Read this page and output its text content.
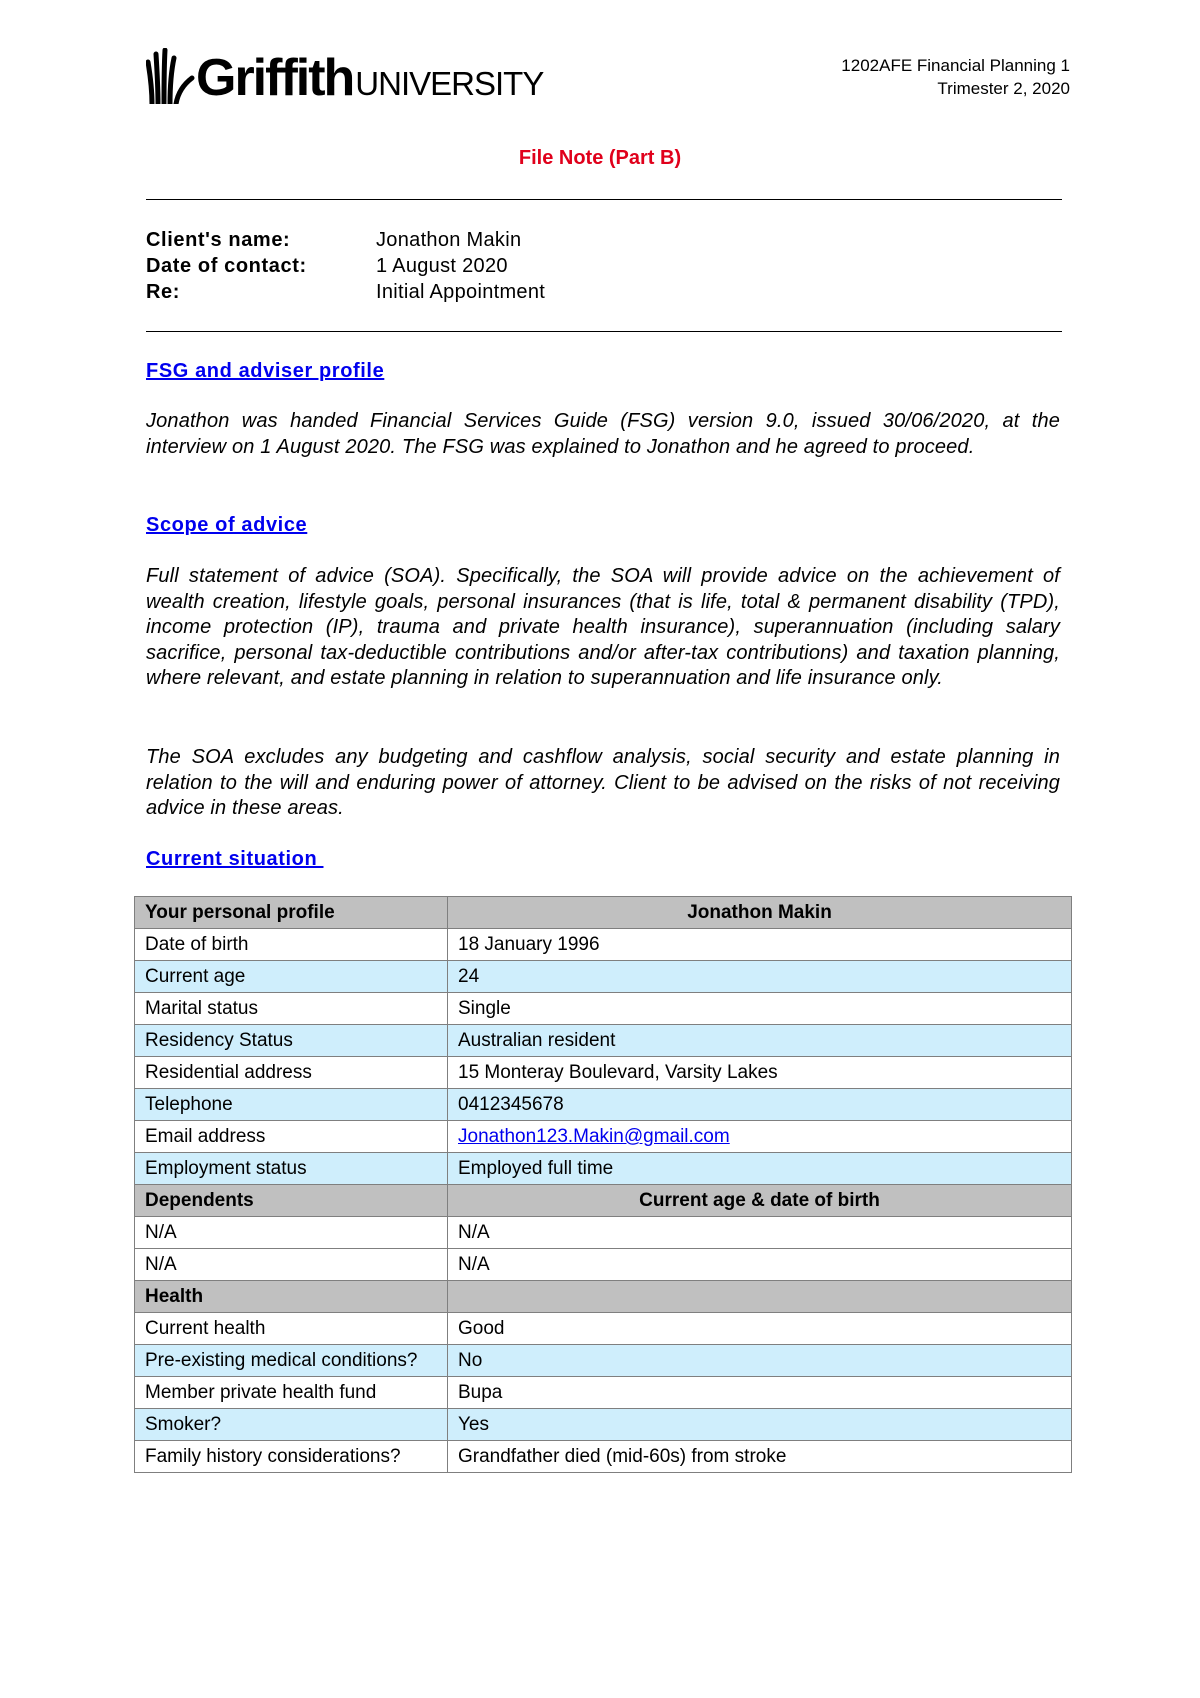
Griffith UNIVERSITY	1202AFE Financial Planning 1
Trimester 2, 2020
File Note (Part B)
Client's name:	Jonathon Makin
Date of contact:	1 August 2020
Re:	Initial Appointment
FSG and adviser profile
Jonathon was handed Financial Services Guide (FSG) version 9.0, issued 30/06/2020, at the interview on 1 August 2020. The FSG was explained to Jonathon and he agreed to proceed.
Scope of advice
Full statement of advice (SOA). Specifically, the SOA will provide advice on the achievement of wealth creation, lifestyle goals, personal insurances (that is life, total & permanent disability (TPD), income protection (IP), trauma and private health insurance), superannuation (including salary sacrifice, personal tax-deductible contributions and/or after-tax contributions) and taxation planning, where relevant, and estate planning in relation to superannuation and life insurance only.
The SOA excludes any budgeting and cashflow analysis, social security and estate planning in relation to the will and enduring power of attorney. Client to be advised on the risks of not receiving advice in these areas.
Current situation
Your personal profile	Jonathon Makin
Date of birth	18 January 1996
Current age	24
Marital status	Single
Residency Status	Australian resident
Residential address	15 Monteray Boulevard, Varsity Lakes
Telephone	0412345678
Email address	Jonathon123.Makin@gmail.com
Employment status	Employed full time
Dependents	Current age & date of birth
N/A	N/A
N/A	N/A
Health	
Current health	Good
Pre-existing medical conditions?	No
Member private health fund	Bupa
Smoker?	Yes
Family history considerations?	Grandfather died (mid-60s) from stroke
